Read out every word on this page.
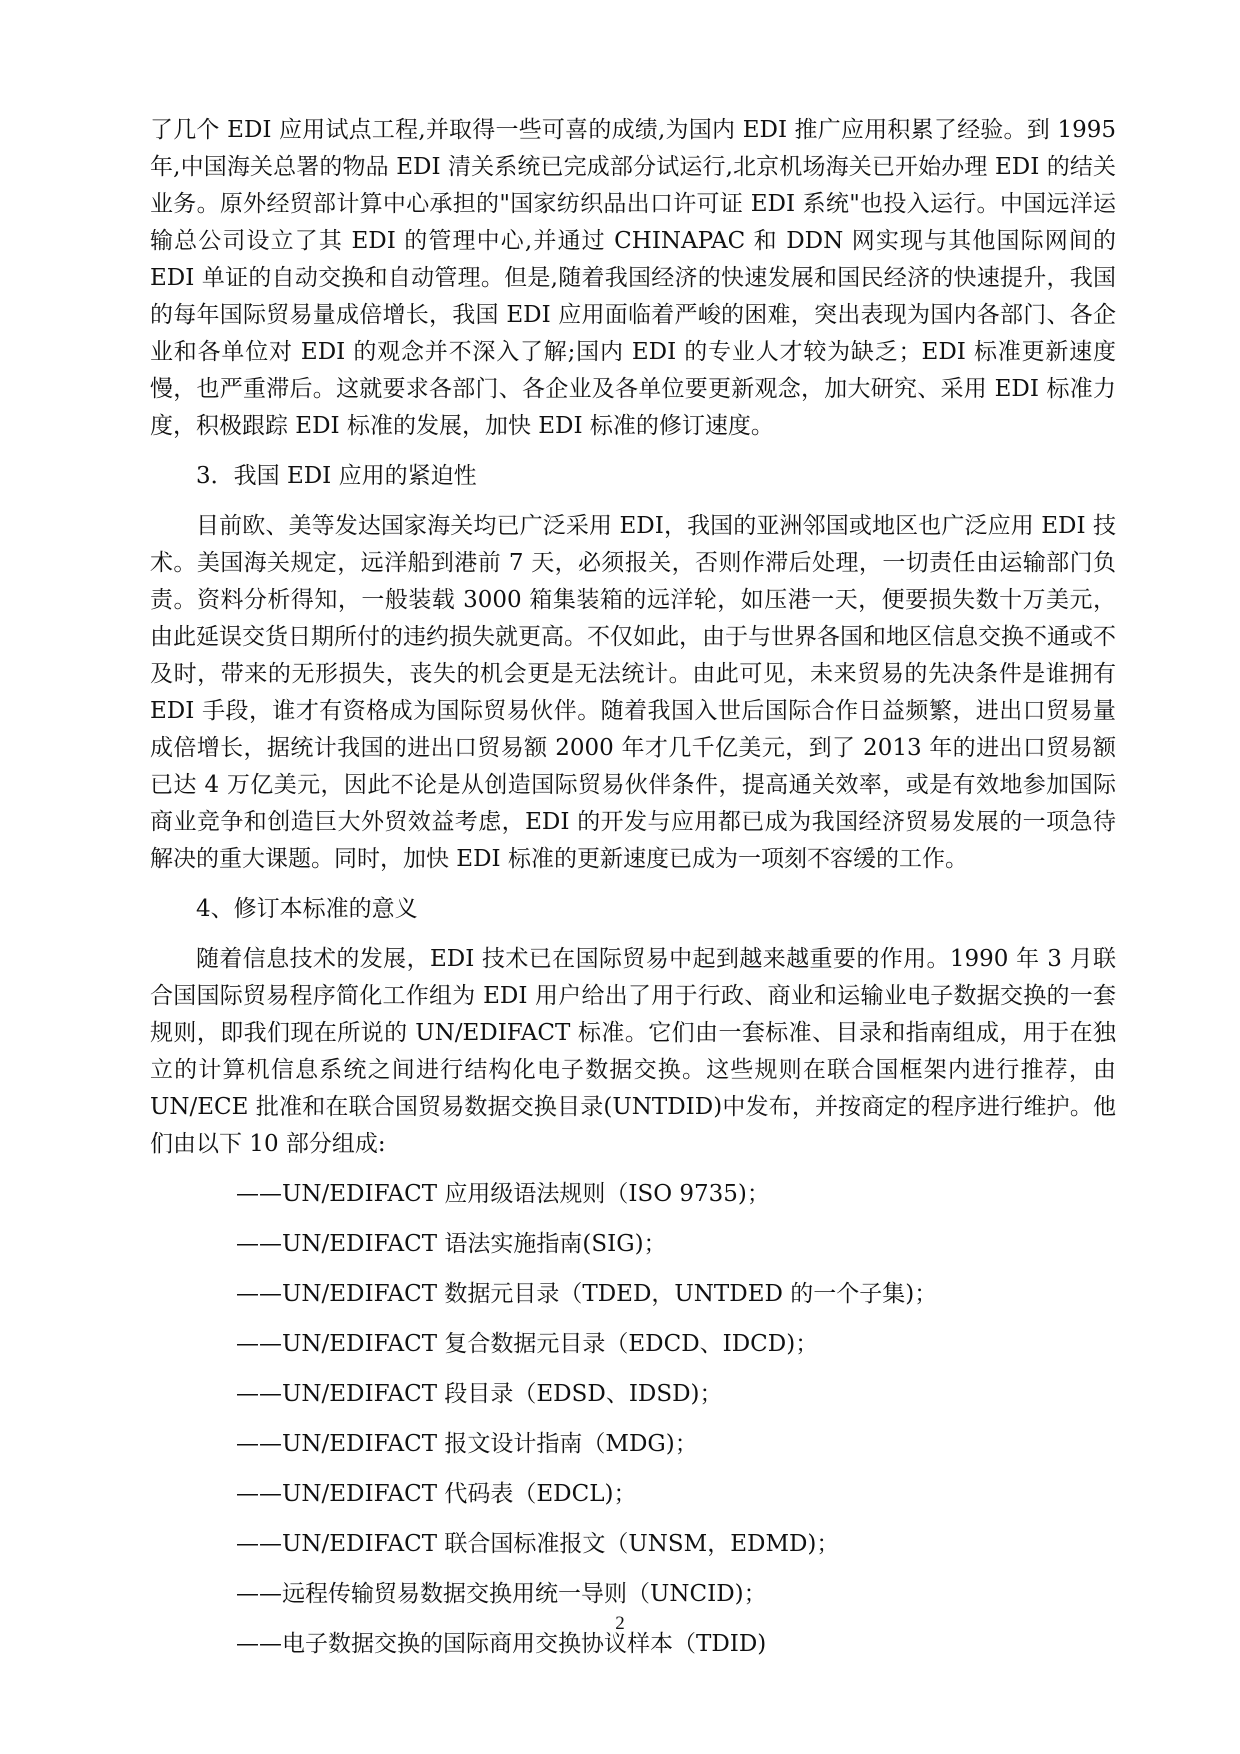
了几个 EDI 应用试点工程,并取得一些可喜的成绩,为国内 EDI 推广应用积累了经验。到 1995 年,中国海关总署的物品 EDI 清关系统已完成部分试运行,北京机场海关已开始办理 EDI 的结关业务。原外经贸部计算中心承担的"国家纺织品出口许可证 EDI 系统"也投入运行。中国远洋运输总公司设立了其 EDI 的管理中心,并通过 CHINAPAC 和 DDN 网实现与其他国际网间的 EDI 单证的自动交换和自动管理。但是,随着我国经济的快速发展和国民经济的快速提升，我国的每年国际贸易量成倍增长，我国 EDI 应用面临着严峻的困难，突出表现为国内各部门、各企业和各单位对 EDI 的观念并不深入了解;国内 EDI 的专业人才较为缺乏；EDI 标准更新速度慢，也严重滞后。这就要求各部门、各企业及各单位要更新观念，加大研究、采用 EDI 标准力度，积极跟踪 EDI 标准的发展，加快 EDI 标准的修订速度。

3．我国 EDI 应用的紧迫性

目前欧、美等发达国家海关均已广泛采用 EDI，我国的亚洲邻国或地区也广泛应用 EDI 技术。美国海关规定，远洋船到港前 7 天，必须报关，否则作滞后处理，一切责任由运输部门负责。资料分析得知，一般装载 3000 箱集装箱的远洋轮，如压港一天，便要损失数十万美元，由此延误交货日期所付的违约损失就更高。不仅如此，由于与世界各国和地区信息交换不通或不及时，带来的无形损失，丧失的机会更是无法统计。由此可见，未来贸易的先决条件是谁拥有 EDI 手段，谁才有资格成为国际贸易伙伴。随着我国入世后国际合作日益频繁，进出口贸易量成倍增长，据统计我国的进出口贸易额 2000 年才几千亿美元，到了 2013 年的进出口贸易额已达 4 万亿美元，因此不论是从创造国际贸易伙伴条件，提高通关效率，或是有效地参加国际商业竞争和创造巨大外贸效益考虑，EDI 的开发与应用都已成为我国经济贸易发展的一项急待解决的重大课题。同时，加快 EDI 标准的更新速度已成为一项刻不容缓的工作。

4、修订本标准的意义

随着信息技术的发展，EDI 技术已在国际贸易中起到越来越重要的作用。1990 年 3 月联合国国际贸易程序简化工作组为 EDI 用户给出了用于行政、商业和运输业电子数据交换的一套规则，即我们现在所说的 UN/EDIFACT 标准。它们由一套标准、目录和指南组成，用于在独立的计算机信息系统之间进行结构化电子数据交换。这些规则在联合国框架内进行推荐，由 UN/ECE 批准和在联合国贸易数据交换目录(UNTDID)中发布，并按商定的程序进行维护。他们由以下 10 部分组成:

——UN/EDIFACT 应用级语法规则（ISO 9735)；
——UN/EDIFACT 语法实施指南(SIG)；
——UN/EDIFACT 数据元目录（TDED，UNTDED 的一个子集)；
——UN/EDIFACT 复合数据元目录（EDCD、IDCD)；
——UN/EDIFACT 段目录（EDSD、IDSD)；
——UN/EDIFACT 报文设计指南（MDG)；
——UN/EDIFACT 代码表（EDCL)；
——UN/EDIFACT 联合国标准报文（UNSM，EDMD)；
——远程传输贸易数据交换用统一导则（UNCID)；
——电子数据交换的国际商用交换协议样本（TDID)
2
